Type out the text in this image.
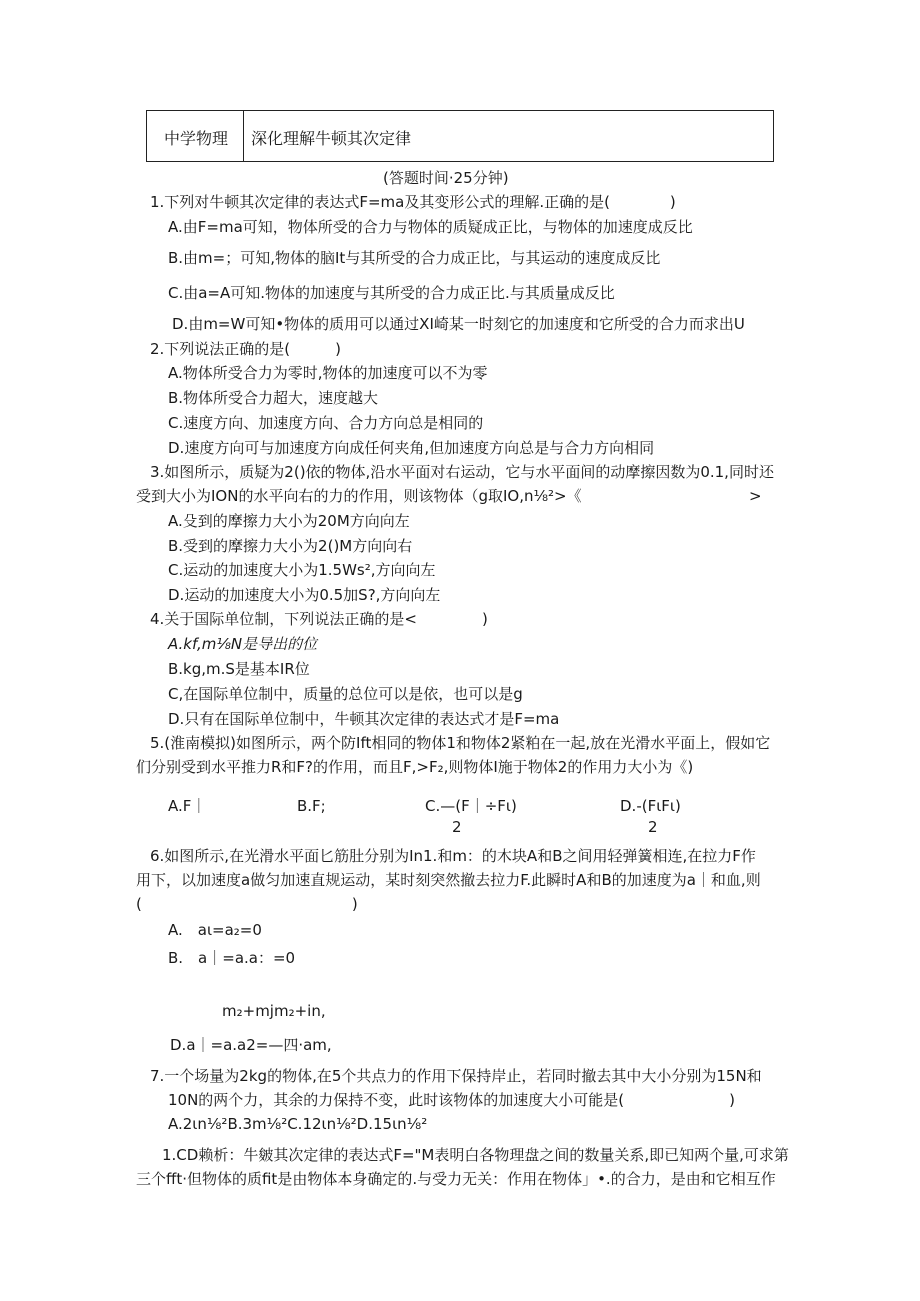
中学物理 深化理解牛顿其次定律
(答题时间·25分钟)
1.下列对牛顿其次定律的表达式F=ma及其变形公式的理解.正确的是(　　　　)
A.由F=ma可知，物体所受的合力与物体的质疑成正比，与物体的加速度成反比
B.由m=；可知,物体的脑It与其所受的合力成正比，与其运动的速度成反比
C.由a=A可知.物体的加速度与其所受的合力成正比.与其质量成反比
D.由m=W可知•物体的质用可以通过XI崎某一时刻它的加速度和它所受的合力而求出U
2.下列说法正确的是(　　　)
A.物体所受合力为零时,物体的加速度可以不为零
B.物体所受合力超大，速度越大
C.速度方向、加速度方向、合力方向总是相同的
D.速度方向可与加速度方向成任何夹角,但加速度方向总是与合力方向相同
3.如图所示，质疑为2()依的物体,沿水平面对右运动，它与水平面间的动摩擦因数为0.1,同时还
受到大小为ION的水平向右的力的作用，则该物体（g取IO,n⅛²>《	>
A.殳到的摩擦力大小为20M方向向左
B.受到的摩擦力大小为2()M方向向右
C.运动的加速度大小为1.5Ws²,方向向左
D.运动的加速度大小为0.5加S?,方向向左
4.关于国际单位制，下列说法正确的是<	)
A.kf,m⅛N是导出的位
B.kg,m.S是基本IR位
C,在国际单位制中，质量的总位可以是依，也可以是g
D.只有在国际单位制中，牛顿其次定律的表达式才是F=ma
5.(淮南模拟)如图所示，两个防Ift相同的物体1和物体2紧粕在一起,放在光滑水平面上，假如它
们分别受到水平推力R和F?的作用，而且F,>F₂,则物体I施于物体2的作用力大小为《)
A.F｜	B.F;	C.—(F｜÷Fι)
2
D.-(FιFι)
2
6.如图所示,在光滑水平面匕筋肚分别为In1.和m：的木块A和B之间用轻弹簧相连,在拉力F作
用下，以加速度a做匀加速直规运动，某时刻突然撤去拉力F.此瞬时A和B的加速度为a｜和血,则
(　　　　　　　　　　　　　　)
A.　aι=a₂=0
B.　a｜=a.a：=0
m₂+mjm₂+in,
D.a｜=a.a2=—四·am,
7.一个场量为2kg的物体,在5个共点力的作用下保持岸止，若同时撤去其中大小分别为15N和
10N的两个力，其余的力保持不变，此时该物体的加速度大小可能是(　　　　　　　)
A.2ιn⅛²B.3m⅛²C.12ιn⅛²D.15ιn⅛²
1.CD赖析：牛皴其次定律的表达式F="M表明白各物理盘之间的数量关系,即已知两个量,可求第
三个fft·但物体的质fit是由物体本身确定的.与受力无关：作用在物体」•.的合力，是由和它相互作
